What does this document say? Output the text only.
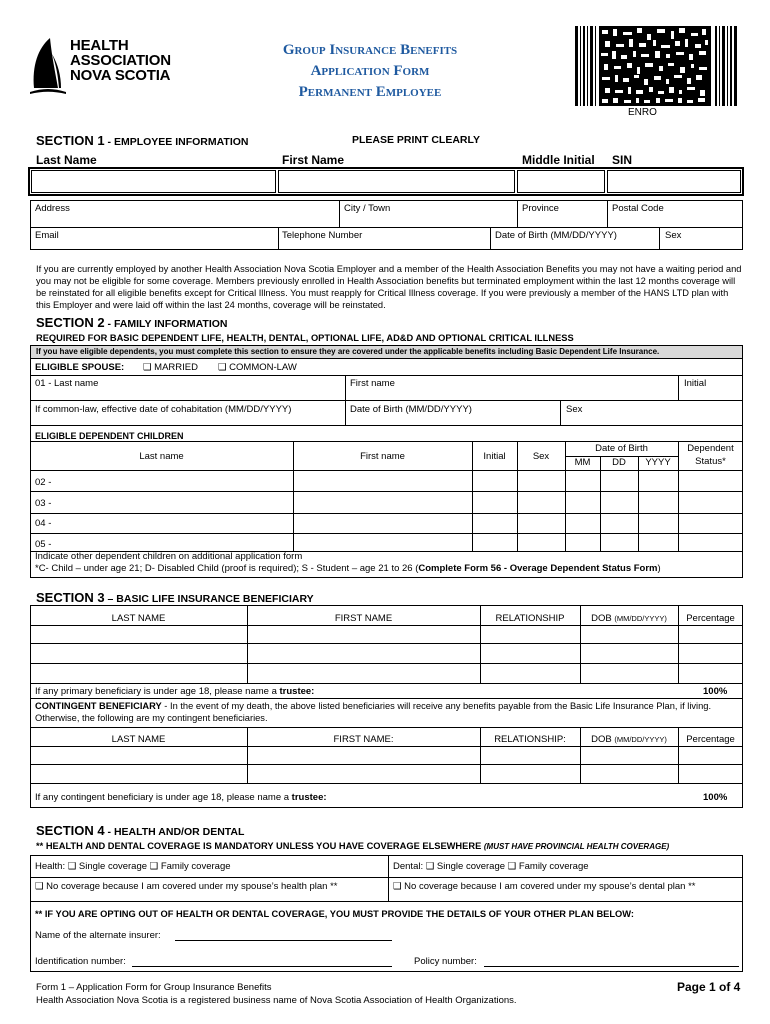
HEALTH
ASSOCIATION
NOVA SCOTIA
Group Insurance Benefits
Application Form
Permanent Employee
ENRO
SECTION 1 - EMPLOYEE INFORMATION	PLEASE PRINT CLEARLY
Last Name	First Name	Middle Initial SIN
Address	City / Town	Province	Postal Code
Email	Telephone Number	Date of Birth (MM/DD/YYYY)	Sex
If you are currently employed by another Health Association Nova Scotia Employer and a member of the Health Association Benefits you may not have a waiting period and you may not be eligible for some coverage. Members previously enrolled in Health Association benefits but terminated employment within the last 12 months coverage will be reinstated for all eligible benefits except for Critical Illness. You must reapply for Critical Illness coverage. If you were previously a member of the HANS LTD plan with this Employer and were laid off within the last 24 months, coverage will be reinstated.
SECTION 2 - FAMILY INFORMATION
REQUIRED FOR BASIC DEPENDENT LIFE, HEALTH, DENTAL, OPTIONAL LIFE, AD&D AND OPTIONAL CRITICAL ILLNESS
If you have eligible dependents, you must complete this section to ensure they are covered under the applicable benefits including Basic Dependent Life Insurance.
ELIGIBLE SPOUSE: ❑ MARRIED ❑ COMMON-LAW
01 - Last name	First name	Initial
If common-law, effective date of cohabitation (MM/DD/YYYY)	Date of Birth (MM/DD/YYYY)	Sex
ELIGIBLE DEPENDENT CHILDREN
Last name	First name	Initial	Sex
Date of Birth
MM	DD	YYYY
Dependent
Status*
02 -
03 -
04 -
05 -
Indicate other dependent children on additional application form
*C- Child – under age 21; D- Disabled Child (proof is required); S - Student – age 21 to 26 (Complete Form 56 - Overage Dependent Status Form)
SECTION 3 – BASIC LIFE INSURANCE BENEFICIARY
LAST NAME	FIRST NAME	RELATIONSHIP	DOB (MM/DD/YYYY)	Percentage
If any primary beneficiary is under age 18, please name a trustee:	100%
CONTINGENT BENEFICIARY - In the event of my death, the above listed beneficiaries will receive any benefits payable from the Basic Life Insurance Plan, if living. Otherwise, the following are my contingent beneficiaries.
LAST NAME	FIRST NAME:	RELATIONSHIP:	DOB (MM/DD/YYYY)	Percentage
If any contingent beneficiary is under age 18, please name a trustee:	100%
SECTION 4 - HEALTH AND/OR DENTAL
** HEALTH AND DENTAL COVERAGE IS MANDATORY UNLESS YOU HAVE COVERAGE ELSEWHERE (MUST HAVE PROVINCIAL HEALTH COVERAGE)
Health: ❑ Single coverage ❑ Family coverage	Dental: ❑ Single coverage ❑ Family coverage
❑ No coverage because I am covered under my spouse’s health plan **	❑ No coverage because I am covered under my spouse’s dental plan **
** IF YOU ARE OPTING OUT OF HEALTH OR DENTAL COVERAGE, YOU MUST PROVIDE THE DETAILS OF YOUR OTHER PLAN BELOW:
Name of the alternate insurer:
Identification number:	Policy number:
Form 1 – Application Form for Group Insurance Benefits
Health Association Nova Scotia is a registered business name of Nova Scotia Association of Health Organizations.
Page 1 of 4
